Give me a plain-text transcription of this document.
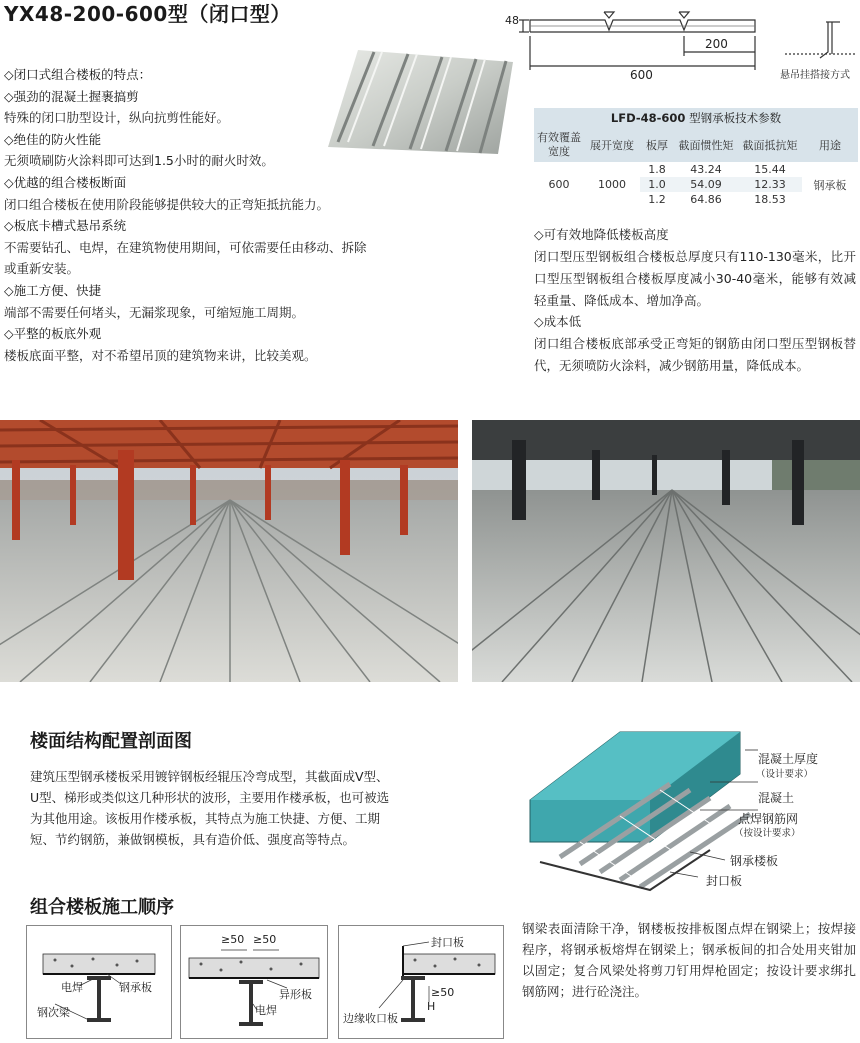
YX48-200-600型（闭口型）
◇闭口式组合楼板的特点：
◇强劲的混凝土握裹搞剪
特殊的闭口肋型设计，纵向抗剪性能好。
◇绝佳的防火性能
无须喷刷防火涂料即可达到1.5小时的耐火时效。
◇优越的组合楼板断面
闭口组合楼板在使用阶段能够提供较大的正弯矩抵抗能力。
◇板底卡槽式悬吊系统
不需要钻孔、电焊，在建筑物使用期间，可依需要任由移动、拆除
或重新安装。
◇施工方便、快捷
端部不需要任何堵头，无漏浆现象，可缩短施工周期。
◇平整的板底外观
楼板底面平整，对不希望吊顶的建筑物来讲，比较美观。
48
200
600	悬吊挂搭接方式
LFD-48-600 型钢承板技术参数
有效覆盖宽度	展开宽度	板厚	截面惯性矩	截面抵抗矩	用途
600	1000	1.8	43.24	15.44	钢承板
		1.0	54.09	12.33	
		1.2	64.86	18.53	
◇可有效地降低楼板高度
闭口型压型钢板组合楼板总厚度只有110-130毫米，比开口型压型钢板组合楼板厚度减小30-40毫米，能够有效减轻重量、降低成本、增加净高。
◇成本低
闭口组合楼板底部承受正弯矩的钢筋由闭口型压型钢板替代，无须喷防火涂料，减少钢筋用量，降低成本。
楼面结构配置剖面图
建筑压型钢承楼板采用镀锌钢板经辊压冷弯成型，其截面成V型、U型、梯形或类似这几种形状的波形，主要用作楼承板，也可被选为其他用途。该板用作楼承板，其特点为施工快捷、方便、工期短、节约钢筋，兼做钢模板，具有造价低、强度高等特点。
混凝土厚度
（设计要求）
混凝土
点焊钢筋网
（按设计要求）
钢承楼板
封口板
组合楼板施工顺序
电焊	钢承板
钢次梁
≥50 ≥50
异形板
电焊
封口板
≥50
H
边缘收口板
钢梁表面清除干净，钢楼板按排板图点焊在钢梁上；按焊接程序，将钢承板熔焊在钢梁上；钢承板间的扣合处用夹钳加以固定；复合风梁处将剪刀钉用焊枪固定；按设计要求绑扎钢筋网；进行砼浇注。
